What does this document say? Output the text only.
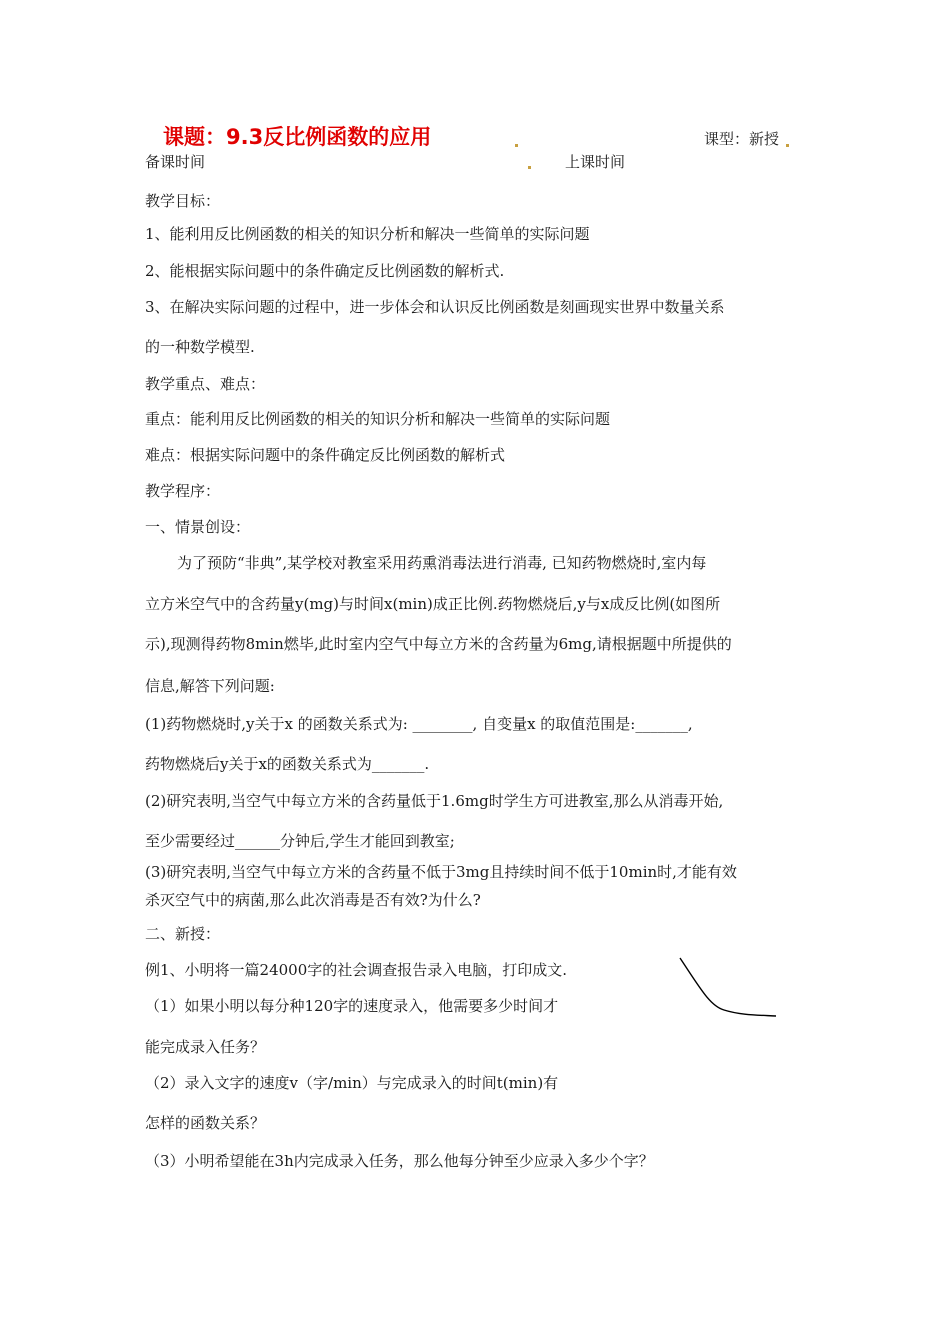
课题：9.3反比例函数的应用	课型：新授
备课时间	上课时间
教学目标：
1、能利用反比例函数的相关的知识分析和解决一些简单的实际问题
2、能根据实际问题中的条件确定反比例函数的解析式.
3、在解决实际问题的过程中，进一步体会和认识反比例函数是刻画现实世界中数量关系
的一种数学模型.
教学重点、难点：
重点：能利用反比例函数的相关的知识分析和解决一些简单的实际问题
难点：根据实际问题中的条件确定反比例函数的解析式
教学程序：
一、情景创设：
为了预防“非典”,某学校对教室采用药熏消毒法进行消毒, 已知药物燃烧时,室内每
立方米空气中的含药量y(mg)与时间x(min)成正比例.药物燃烧后,y与x成反比例(如图所
示),现测得药物8min燃毕,此时室内空气中每立方米的含药量为6mg,请根据题中所提供的
信息,解答下列问题:
(1)药物燃烧时,y关于x 的函数关系式为: ________, 自变量x 的取值范围是:_______,
药物燃烧后y关于x的函数关系式为_______.
(2)研究表明,当空气中每立方米的含药量低于1.6mg时学生方可进教室,那么从消毒开始,
至少需要经过______分钟后,学生才能回到教室;
(3)研究表明,当空气中每立方米的含药量不低于3mg且持续时间不低于10min时,才能有效
杀灭空气中的病菌,那么此次消毒是否有效?为什么?
二、新授：
例1、小明将一篇24000字的社会调查报告录入电脑，打印成文.
（1）如果小明以每分种120字的速度录入，他需要多少时间才
能完成录入任务？
（2）录入文字的速度v（字/min）与完成录入的时间t(min)有
怎样的函数关系？
（3）小明希望能在3h内完成录入任务，那么他每分钟至少应录入多少个字？
